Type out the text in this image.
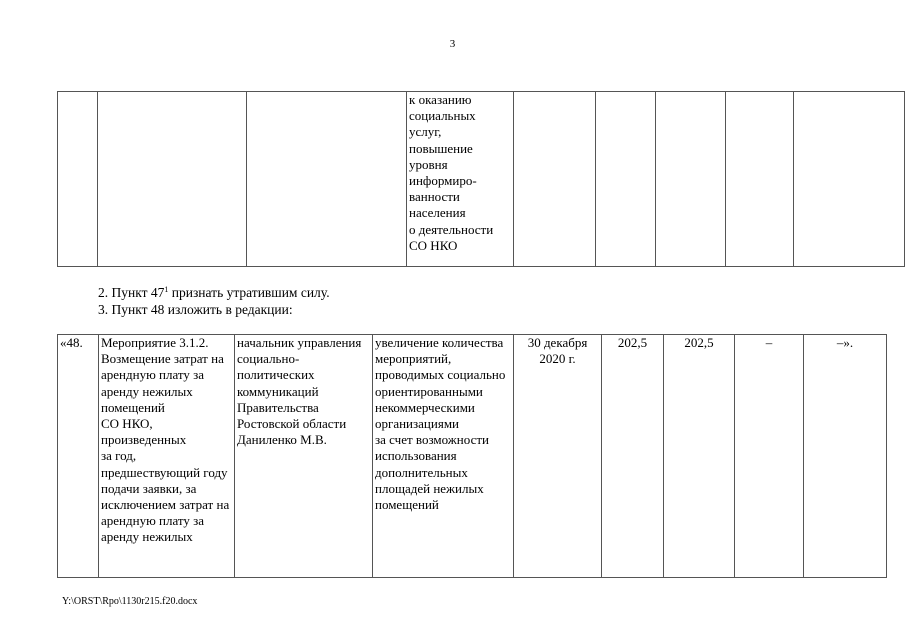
3
			к оказанию
социальных
услуг,
повышение
уровня
информиро-
ванности
населения
о деятельности
СО НКО					
2. Пункт $47^1$ признать утратившим силу.
3. Пункт 48 изложить в редакции:
«48.	Мероприятие 3.1.2.
Возмещение затрат на арендную плату за аренду нежилых помещений
СО НКО, произведенных
за год, предшествующий году подачи заявки, за исключением затрат на арендную плату за аренду нежилых	начальник управления социально-политических коммуникаций Правительства Ростовской области Даниленко М.В.	увеличение количества мероприятий, проводимых социально ориентированными некоммерческими организациями
за счет возможности использования дополнительных площадей нежилых помещений	30 декабря
2020 г.	202,5	202,5	–	–».
Y:\ORST\Rpo\1130r215.f20.docx
